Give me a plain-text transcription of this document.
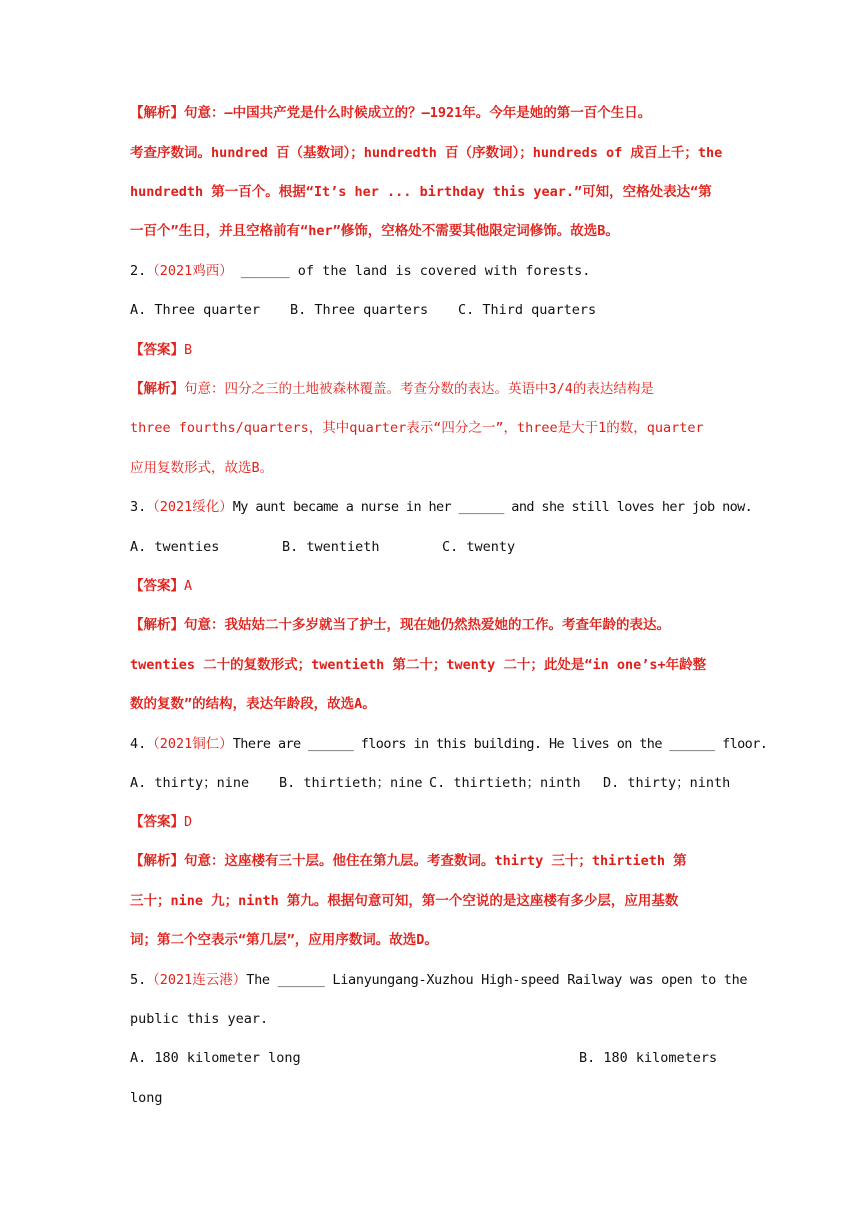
【解析】句意：—中国共产党是什么时候成立的？—1921年。今年是她的第一百个生日。
考查序数词。hundred 百（基数词）；hundredth 百（序数词）；hundreds of 成百上千；the
hundredth 第一百个。根据“It’s her ... birthday this year.”可知，空格处表达“第
一百个”生日，并且空格前有“her”修饰，空格处不需要其他限定词修饰。故选B。
2.（2021鸡西） ______ of the land is covered with forests.
A. Three quarter B. Three quarters C. Third quarters
【答案】B
【解析】句意：四分之三的土地被森林覆盖。考查分数的表达。英语中3/4的表达结构是
three fourths/quarters，其中quarter表示“四分之一”，three是大于1的数，quarter
应用复数形式，故选B。
3.（2021绥化）My aunt became a nurse in her ______ and she still loves her job now.
A. twenties	B. twentieth	C. twenty
【答案】A
【解析】句意：我姑姑二十多岁就当了护士，现在她仍然热爱她的工作。考查年龄的表达。
twenties 二十的复数形式；twentieth 第二十；twenty 二十；此处是“in one’s+年龄整
数的复数”的结构，表达年龄段，故选A。
4.（2021铜仁）There are ______ floors in this building. He lives on the ______ floor.
A. thirty；nine B. thirtieth；nine C. thirtieth；ninth D. thirty；ninth
【答案】D
【解析】句意：这座楼有三十层。他住在第九层。考查数词。thirty 三十；thirtieth 第
三十；nine 九；ninth 第九。根据句意可知，第一个空说的是这座楼有多少层，应用基数
词；第二个空表示“第几层”，应用序数词。故选D。
5.（2021连云港）The ______ Lianyungang-Xuzhou High-speed Railway was open to the
public this year.
A. 180 kilometer long	B. 180 kilometers
long
